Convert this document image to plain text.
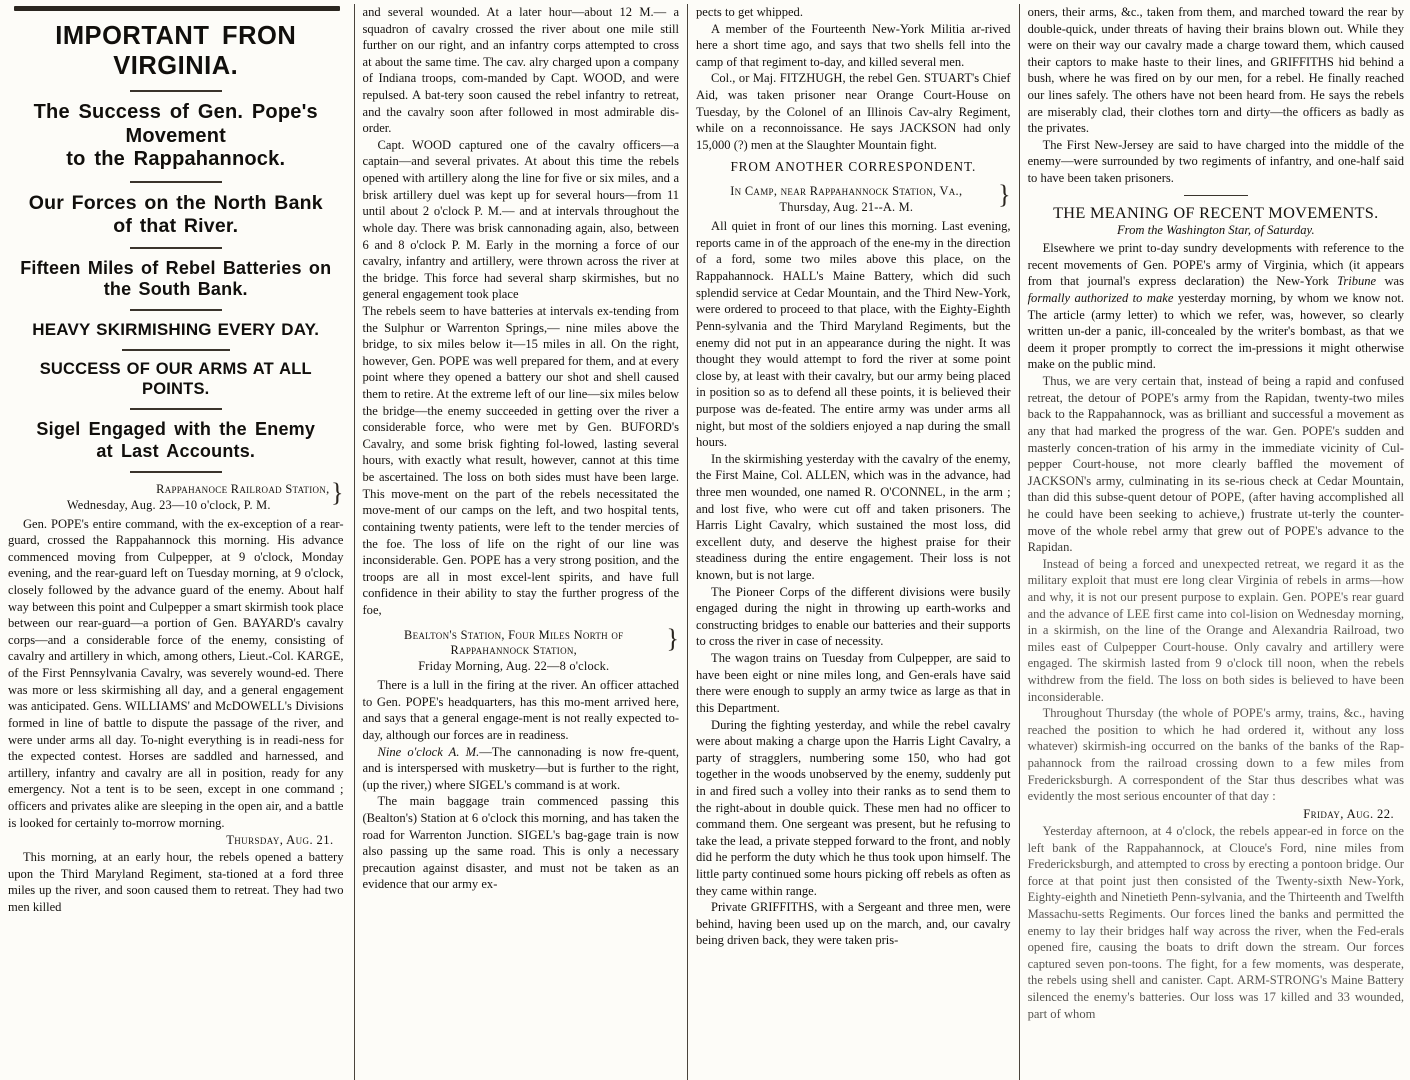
IMPORTANT FRON VIRGINIA.
The Success of Gen. Pope's Movement
to the Rappahannock.
Our Forces on the North Bank
of that River.
Fifteen Miles of Rebel Batteries on
the South Bank.
HEAVY SKIRMISHING EVERY DAY.
SUCCESS OF OUR ARMS AT ALL POINTS.
Sigel Engaged with the Enemy
at Last Accounts.
Rappahanoce Railroad Station,
Wednesday, Aug. 23—10 o'clock, P. M.	}

Gen. POPE's entire command, with the ex-exception of a rear-guard, crossed the Rappahannock this morning. His advance commenced moving from Culpepper, at 9 o'clock, Monday evening, and the rear-guard left on Tuesday morning, at 9 o'clock, closely followed by the advance guard of the enemy. About half way between this point and Culpepper a smart skirmish took place between our rear-guard—a portion of Gen. BAYARD's cavalry corps—and a considerable force of the enemy, consisting of cavalry and artillery in which, among others, Lieut.-Col. KARGE, of the First Pennsylvania Cavalry, was severely wound-ed. There was more or less skirmishing all day, and a general engagement was anticipated. Gens. WILLIAMS' and McDOWELL's Divisions formed in line of battle to dispute the passage of the river, and were under arms all day. To-night everything is in readi-ness for the expected contest. Horses are saddled and harnessed, and artillery, infantry and cavalry are all in position, ready for any emergency. Not a tent is to be seen, except in one command ; officers and privates alike are sleeping in the open air, and a battle is looked for certainly to-morrow morning.

Thursday, Aug. 21.

This morning, at an early hour, the rebels opened a battery upon the Third Maryland Regiment, sta-tioned at a ford three miles up the river, and soon caused them to retreat. They had two men killed

and several wounded. At a later hour—about 12 M.— a squadron of cavalry crossed the river about one mile still further on our right, and an infantry corps attempted to cross at about the same time. The cav. alry charged upon a company of Indiana troops, com-manded by Capt. WOOD, and were repulsed. A bat-tery soon caused the rebel infantry to retreat, and the cavalry soon after followed in most admirable dis-order.

Capt. WOOD captured one of the cavalry officers—a captain—and several privates. At about this time the rebels opened with artillery along the line for five or six miles, and a brisk artillery duel was kept up for several hours—from 11 until about 2 o'clock P. M.— and at intervals throughout the whole day. There was brisk cannonading again, also, between 6 and 8 o'clock P. M. Early in the morning a force of our cavalry, infantry and artillery, were thrown across the river at the bridge. This force had several sharp skirmishes, but no general engagement took place

The rebels seem to have batteries at intervals ex-tending from the Sulphur or Warrenton Springs,— nine miles above the bridge, to six miles below it—15 miles in all. On the right, however, Gen. POPE was well prepared for them, and at every point where they opened a battery our shot and shell caused them to retire. At the extreme left of our line—six miles below the bridge—the enemy succeeded in getting over the river a considerable force, who were met by Gen. BUFORD's Cavalry, and some brisk fighting fol-lowed, lasting several hours, with exactly what result, however, cannot at this time be ascertained. The loss on both sides must have been large. This move-ment on the part of the rebels necessitated the move-ment of our camps on the left, and two hospital tents, containing twenty patients, were left to the tender mercies of the foe. The loss of life on the right of our line was inconsiderable. Gen. POPE has a very strong position, and the troops are all in most excel-lent spirits, and have full confidence in their ability to stay the further progress of the foe,

Bealton's Station, Four Miles North of
Rappahannock Station,
Friday Morning, Aug. 22—8 o'clock.
}

There is a lull in the firing at the river. An officer attached to Gen. POPE's headquarters, has this mo-ment arrived here, and says that a general engage-ment is not really expected to-day, although our forces are in readiness.

Nine o'clock A. M.—The cannonading is now fre-quent, and is interspersed with musketry—but is further to the right, (up the river,) where SIGEL's command is at work.

The main baggage train commenced passing this (Bealton's) Station at 6 o'clock this morning, and has taken the road for Warrenton Junction. SIGEL's bag-gage train is now also passing up the same road. This is only a necessary precaution against disaster, and must not be taken as an evidence that our army ex-

pects to get whipped.

A member of the Fourteenth New-York Militia ar-rived here a short time ago, and says that two shells fell into the camp of that regiment to-day, and killed several men.

Col., or Maj. FITZHUGH, the rebel Gen. STUART's Chief Aid, was taken prisoner near Orange Court-House on Tuesday, by the Colonel of an Illinois Cav-alry Regiment, while on a reconnoissance. He says JACKSON had only 15,000 (?) men at the Slaughter Mountain fight.

FROM ANOTHER CORRESPONDENT.
In Camp, near Rappahannock Station, Va.,
Thursday, Aug. 21--A. M.	}

All quiet in front of our lines this morning. Last evening, reports came in of the approach of the ene-my in the direction of a ford, some two miles above this place, on the Rappahannock. HALL's Maine Battery, which did such splendid service at Cedar Mountain, and the Third New-York, were ordered to proceed to that place, with the Eighty-Eighth Penn-sylvania and the Third Maryland Regiments, but the enemy did not put in an appearance during the night. It was thought they would attempt to ford the river at some point close by, at least with their cavalry, but our army being placed in position so as to defend all these points, it is believed their purpose was de-feated. The entire army was under arms all night, but most of the soldiers enjoyed a nap during the small hours.

In the skirmishing yesterday with the cavalry of the enemy, the First Maine, Col. ALLEN, which was in the advance, had three men wounded, one named R. O'CONNEL, in the arm ; and lost five, who were cut off and taken prisoners. The Harris Light Cavalry, which sustained the most loss, did excellent duty, and deserve the highest praise for their steadiness during the entire engagement. Their loss is not known, but is not large.

The Pioneer Corps of the different divisions were busily engaged during the night in throwing up earth-works and constructing bridges to enable our batteries and their supports to cross the river in case of necessity.

The wagon trains on Tuesday from Culpepper, are said to have been eight or nine miles long, and Gen-erals have said there were enough to supply an army twice as large as that in this Department.

During the fighting yesterday, and while the rebel cavalry were about making a charge upon the Harris Light Cavalry, a party of stragglers, numbering some 150, who had got together in the woods unobserved by the enemy, suddenly put in and fired such a volley into their ranks as to send them to the right-about in double quick. These men had no officer to command them. One sergeant was present, but he refusing to take the lead, a private stepped forward to the front, and nobly did he perform the duty which he thus took upon himself. The little party continued some hours picking off rebels as often as they came within range.

Private GRIFFITHS, with a Sergeant and three men, were behind, having been used up on the march, and, our cavalry being driven back, they were taken pris-

oners, their arms, &c., taken from them, and marched toward the rear by double-quick, under threats of having their brains blown out. While they were on their way our cavalry made a charge toward them, which caused their captors to make haste to their lines, and GRIFFITHS hid behind a bush, where he was fired on by our men, for a rebel. He finally reached our lines safely. The others have not been heard from. He says the rebels are miserably clad, their clothes torn and dirty—the officers as badly as the privates.

The First New-Jersey are said to have charged into the middle of the enemy—were surrounded by two regiments of infantry, and one-half said to have been taken prisoners.

THE MEANING OF RECENT MOVEMENTS.
From the Washington Star, of Saturday.

Elsewhere we print to-day sundry developments with reference to the recent movements of Gen. POPE's army of Virginia, which (it appears from that journal's express declaration) the New-York Tribune was formally authorized to make yesterday morning, by whom we know not. The article (army letter) to which we refer, was, however, so clearly written un-der a panic, ill-concealed by the writer's bombast, as that we deem it proper promptly to correct the im-pressions it might otherwise make on the public mind.

Thus, we are very certain that, instead of being a rapid and confused retreat, the detour of POPE's army from the Rapidan, twenty-two miles back to the Rappahannock, was as brilliant and successful a movement as any that had marked the progress of the war. Gen. POPE's sudden and masterly concen-tration of his army in the immediate vicinity of Cul-pepper Court-house, not more clearly baffled the movement of JACKSON's army, culminating in its se-rious check at Cedar Mountain, than did this subse-quent detour of POPE, (after having accomplished all he could have been seeking to achieve,) frustrate ut-terly the counter-move of the whole rebel army that grew out of POPE's advance to the Rapidan.

Instead of being a forced and unexpected retreat, we regard it as the military exploit that must ere long clear Virginia of rebels in arms—how and why, it is not our present purpose to explain. Gen. POPE's rear guard and the advance of LEE first came into col-lision on Wednesday morning, in a skirmish, on the line of the Orange and Alexandria Railroad, two miles east of Culpepper Court-house. Only cavalry and artillery were engaged. The skirmish lasted from 9 o'clock till noon, when the rebels withdrew from the field. The loss on both sides is believed to have been inconsiderable.

Throughout Thursday (the whole of POPE's army, trains, &c., having reached the position to which he had ordered it, without any loss whatever) skirmish-ing occurred on the banks of the banks of the Rap-pahannock from the railroad crossing down to a few miles from Fredericksburgh. A correspondent of the Star thus describes what was evidently the most serious encounter of that day :

Friday, Aug. 22.

Yesterday afternoon, at 4 o'clock, the rebels appear-ed in force on the left bank of the Rappahannock, at Clouce's Ford, nine miles from Fredericksburgh, and attempted to cross by erecting a pontoon bridge. Our force at that point just then consisted of the Twenty-sixth New-York, Eighty-eighth and Ninetieth Penn-sylvania, and the Thirteenth and Twelfth Massachu-setts Regiments. Our forces lined the banks and permitted the enemy to lay their bridges half way across the river, when the Fed-erals opened fire, causing the boats to drift down the stream. Our forces captured seven pon-toons. The fight, for a few moments, was desperate, the rebels using shell and canister. Capt. ARM-STRONG's Maine Battery silenced the enemy's batteries. Our loss was 17 killed and 33 wounded, part of whom
